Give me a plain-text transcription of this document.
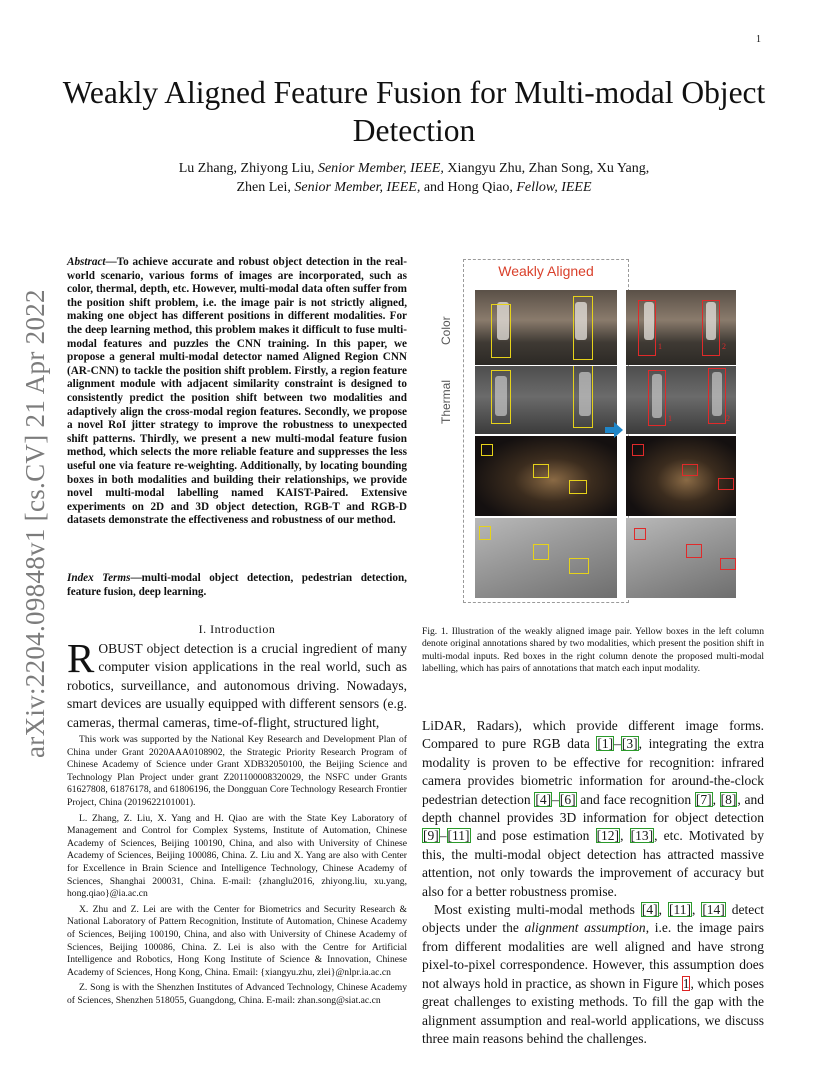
1
arXiv:2204.09848v1 [cs.CV] 21 Apr 2022
Weakly Aligned Feature Fusion for Multi-modal Object Detection
Lu Zhang, Zhiyong Liu, Senior Member, IEEE, Xiangyu Zhu, Zhan Song, Xu Yang,
Zhen Lei, Senior Member, IEEE, and Hong Qiao, Fellow, IEEE
Abstract—To achieve accurate and robust object detection in the real-world scenario, various forms of images are incorporated, such as color, thermal, depth, etc. However, multi-modal data often suffer from the position shift problem, i.e. the image pair is not strictly aligned, making one object has different positions in different modalities. For the deep learning method, this problem makes it difficult to fuse multi-modal features and puzzles the CNN training. In this paper, we propose a general multi-modal detector named Aligned Region CNN (AR-CNN) to tackle the position shift problem. Firstly, a region feature alignment module with adjacent similarity constraint is designed to consistently predict the position shift between two modalities and adaptively align the cross-modal region features. Secondly, we propose a novel RoI jitter strategy to improve the robustness to unexpected shift patterns. Thirdly, we present a new multi-modal feature fusion method, which selects the more reliable feature and suppresses the less useful one via feature re-weighting. Additionally, by locating bounding boxes in both modalities and building their relationships, we provide novel multi-modal labelling named KAIST-Paired. Extensive experiments on 2D and 3D object detection, RGB-T and RGB-D datasets demonstrate the effectiveness and robustness of our method.
Index Terms—multi-modal object detection, pedestrian detection, feature fusion, deep learning.
I. Introduction
ROBUST object detection is a crucial ingredient of many computer vision applications in the real world, such as robotics, surveillance, and autonomous driving. Nowadays, smart devices are usually equipped with different sensors (e.g. cameras, thermal cameras, time-of-flight, structured light,

This work was supported by the National Key Research and Development Plan of China under Grant 2020AAA0108902, the Strategic Priority Research Program of Chinese Academy of Science under Grant XDB32050100, the Beijing Science and Technology Plan Project under grant Z201100008320029, the NSFC under Grants 61627808, 61876178, and 61806196, the Dongguan Core Technology Research Frontier Project, China (2019622101001).

L. Zhang, Z. Liu, X. Yang and H. Qiao are with the State Key Laboratory of Management and Control for Complex Systems, Institute of Automation, Chinese Academy of Sciences, Beijing 100190, China, and also with University of Chinese Academy of Sciences, Beijing 100086, China. Z. Liu and X. Yang are also with Center for Excellence in Brain Science and Intelligence Technology, Chinese Academy of Sciences, Shanghai 200031, China. E-mail: {zhanglu2016, zhiyong.liu, xu.yang, hong.qiao}@ia.ac.cn

X. Zhu and Z. Lei are with the Center for Biometrics and Security Research & National Laboratory of Pattern Recognition, Institute of Automation, Chinese Academy of Sciences, Beijing 100190, China, and also with University of Chinese Academy of Sciences, Beijing 100086, China. Z. Lei is also with the Centre for Artificial Intelligence and Robotics, Hong Kong Institute of Science & Innovation, Chinese Academy of Sciences, Hong Kong, China. Email: {xiangyu.zhu, zlei}@nlpr.ia.ac.cn

Z. Song is with the Shenzhen Institutes of Advanced Technology, Chinese Academy of Sciences, Shenzhen 518055, Guangdong, China. E-mail: zhan.song@siat.ac.cn

Weakly Aligned
Color
Thermal
1	2
1	2
Fig. 1. Illustration of the weakly aligned image pair. Yellow boxes in the left column denote original annotations shared by two modalities, which present the position shift in multi-modal inputs. Red boxes in the right column denote the proposed multi-modal labelling, which has pairs of annotations that match each input modality.

LiDAR, Radars), which provide different image forms. Compared to pure RGB data [1]–[3], integrating the extra modality is proven to be effective for recognition: infrared camera provides biometric information for around-the-clock pedestrian detection [4]–[6] and face recognition [7], [8], and depth channel provides 3D information for object detection [9]–[11] and pose estimation [12], [13], etc. Motivated by this, the multi-modal object detection has attracted massive attention, not only towards the improvement of accuracy but also for a better robustness promise.

Most existing multi-modal methods [4], [11], [14] detect objects under the alignment assumption, i.e. the image pairs from different modalities are well aligned and have strong pixel-to-pixel correspondence. However, this assumption does not always hold in practice, as shown in Figure 1, which poses great challenges to existing methods. To fill the gap with the alignment assumption and real-world applications, we discuss three main reasons behind the challenges.
